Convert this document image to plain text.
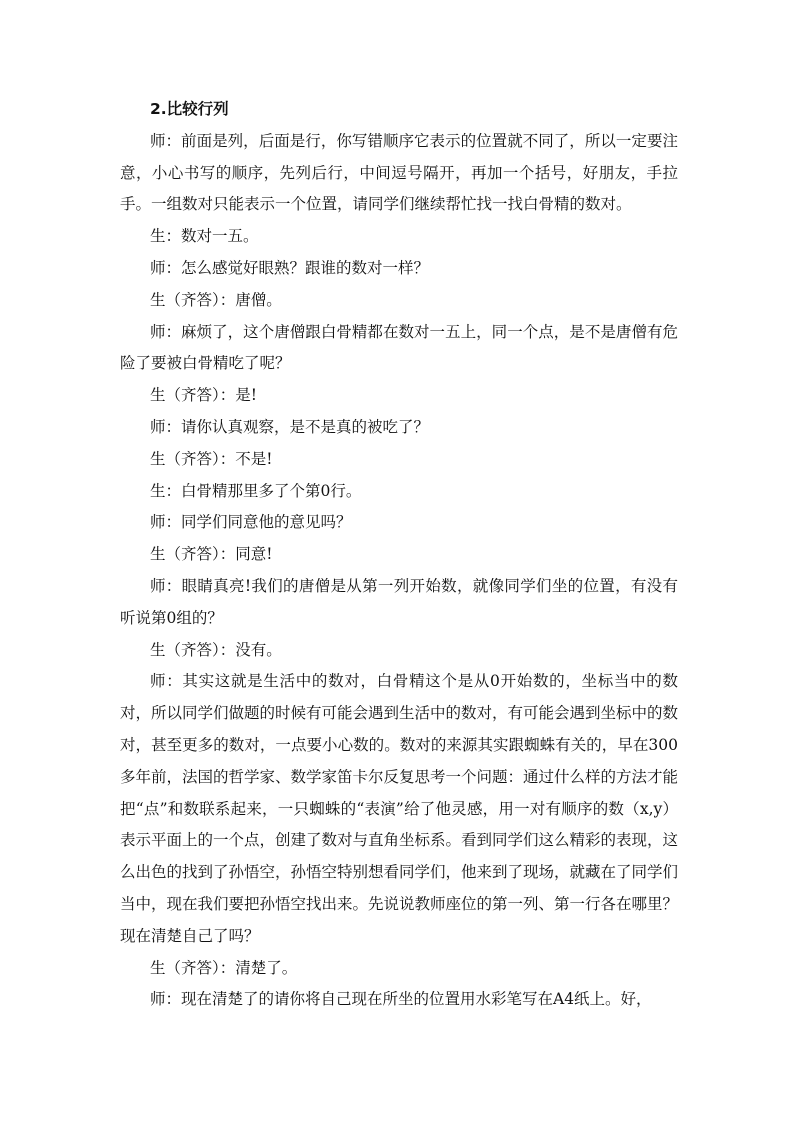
2.比较行列

师：前面是列，后面是行，你写错顺序它表示的位置就不同了，所以一定要注意，小心书写的顺序，先列后行，中间逗号隔开，再加一个括号，好朋友，手拉手。一组数对只能表示一个位置，请同学们继续帮忙找一找白骨精的数对。

生：数对一五。

师：怎么感觉好眼熟？跟谁的数对一样？

生（齐答）：唐僧。

师：麻烦了，这个唐僧跟白骨精都在数对一五上，同一个点，是不是唐僧有危险了要被白骨精吃了呢？

生（齐答）：是!

师：请你认真观察，是不是真的被吃了？

生（齐答）：不是!

生：白骨精那里多了个第0行。

师：同学们同意他的意见吗？

生（齐答）：同意!

师：眼睛真亮!我们的唐僧是从第一列开始数，就像同学们坐的位置，有没有听说第0组的？

生（齐答）：没有。

师：其实这就是生活中的数对，白骨精这个是从0开始数的，坐标当中的数对，所以同学们做题的时候有可能会遇到生活中的数对，有可能会遇到坐标中的数对，甚至更多的数对，一点要小心数的。数对的来源其实跟蜘蛛有关的，早在300多年前，法国的哲学家、数学家笛卡尔反复思考一个问题：通过什么样的方法才能把“点”和数联系起来，一只蜘蛛的“表演”给了他灵感，用一对有顺序的数（x,y）表示平面上的一个点，创建了数对与直角坐标系。看到同学们这么精彩的表现，这么出色的找到了孙悟空，孙悟空特别想看同学们，他来到了现场，就藏在了同学们当中，现在我们要把孙悟空找出来。先说说教师座位的第一列、第一行各在哪里？现在清楚自己了吗？

生（齐答）：清楚了。

师：现在清楚了的请你将自己现在所坐的位置用水彩笔写在A4纸上。好，
